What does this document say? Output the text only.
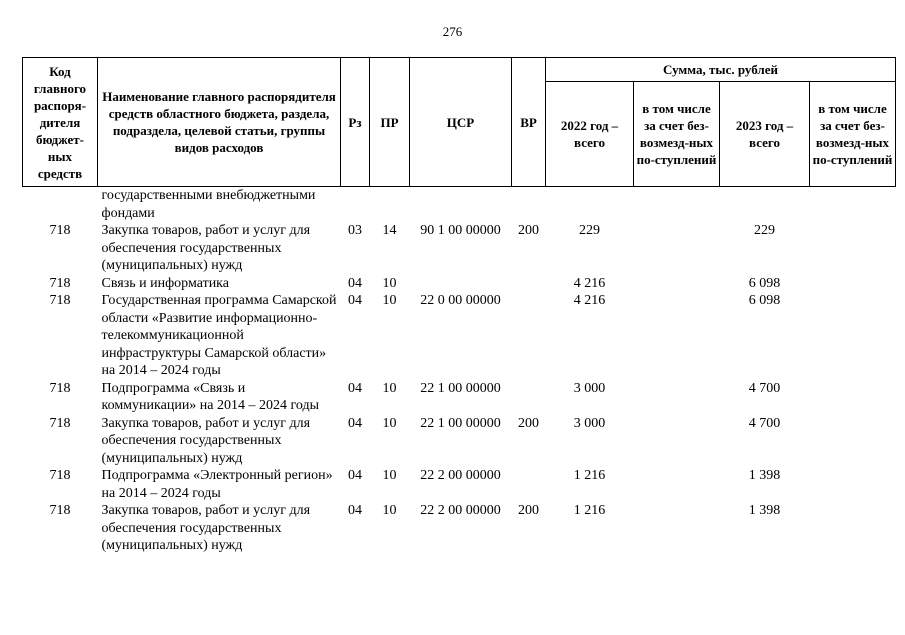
276
Код главного распоря-дителя бюджет-ных средств	Наименование главного распорядителя средств областного бюджета, раздела, подраздела, целевой статьи, группы видов расходов	Рз	ПР	ЦСР	ВР	Сумма, тыс. рублей			
						2022 год – всего	в том числе за счет без-возмезд-ных по-ступлений	2023 год – всего	в том числе за счет без-возмезд-ных по-ступлений
	государственными внебюджетными фондами								
718	Закупка товаров, работ и услуг для обеспечения государственных (муниципальных) нужд	03	14	90 1 00 00000	200	229		229	
718	Связь и информатика	04	10			4 216		6 098	
718	Государственная программа Самарской области «Развитие информационно-телекоммуникационной инфраструктуры Самарской области» на 2014 – 2024 годы	04	10	22 0 00 00000		4 216		6 098	
718	Подпрограмма «Связь и коммуникации» на 2014 – 2024 годы	04	10	22 1 00 00000		3 000		4 700	
718	Закупка товаров, работ и услуг для обеспечения государственных (муниципальных) нужд	04	10	22 1 00 00000	200	3 000		4 700	
718	Подпрограмма «Электронный регион» на 2014 – 2024 годы	04	10	22 2 00 00000		1 216		1 398	
718	Закупка товаров, работ и услуг для обеспечения государственных (муниципальных) нужд	04	10	22 2 00 00000	200	1 216		1 398	
